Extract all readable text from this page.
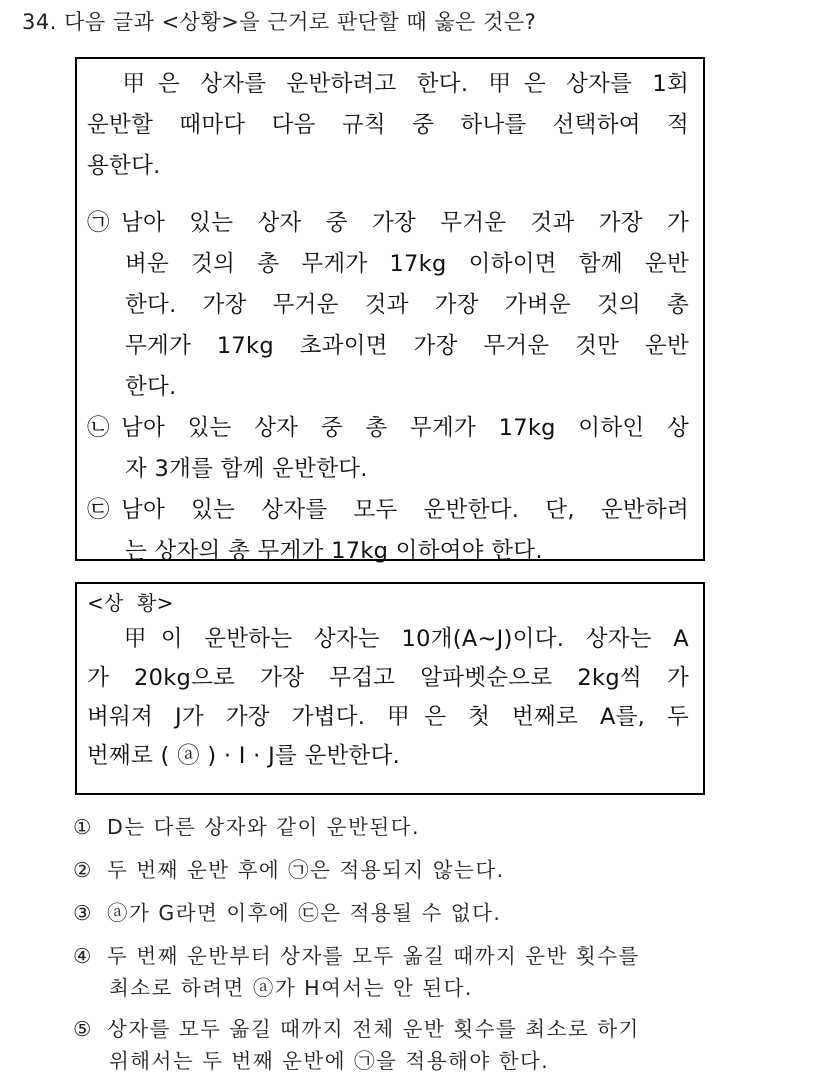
34. 다음 글과 <상황>을 근거로 판단할 때 옳은 것은?
　甲은 상자를 운반하려고 한다. 甲은 상자를 1회
운반할 때마다 다음 규칙 중 하나를 선택하여 적
용한다.
㉠ 남아 있는 상자 중 가장 무거운 것과 가장 가
벼운 것의 총 무게가 17kg 이하이면 함께 운반
한다. 가장 무거운 것과 가장 가벼운 것의 총
무게가 17kg 초과이면 가장 무거운 것만 운반
한다.
㉡ 남아 있는 상자 중 총 무게가 17kg 이하인 상
자 3개를 함께 운반한다.
㉢ 남아 있는 상자를 모두 운반한다. 단, 운반하려
는 상자의 총 무게가 17kg 이하여야 한다.
<상  황>
　甲이 운반하는 상자는 10개(A~J)이다. 상자는 A
가 20kg으로 가장 무겁고 알파벳순으로 2kg씩 가
벼워져 J가 가장 가볍다. 甲은 첫 번째로 A를, 두
번째로 ( ⓐ ) · I · J를 운반한다.
① D는 다른 상자와 같이 운반된다.
② 두 번째 운반 후에 ㉠은 적용되지 않는다.
③ ⓐ가 G라면 이후에 ㉢은 적용될 수 없다.
④ 두 번째 운반부터 상자를 모두 옮길 때까지 운반 횟수를
최소로 하려면 ⓐ가 H여서는 안 된다.
⑤ 상자를 모두 옮길 때까지 전체 운반 횟수를 최소로 하기
위해서는 두 번째 운반에 ㉠을 적용해야 한다.
